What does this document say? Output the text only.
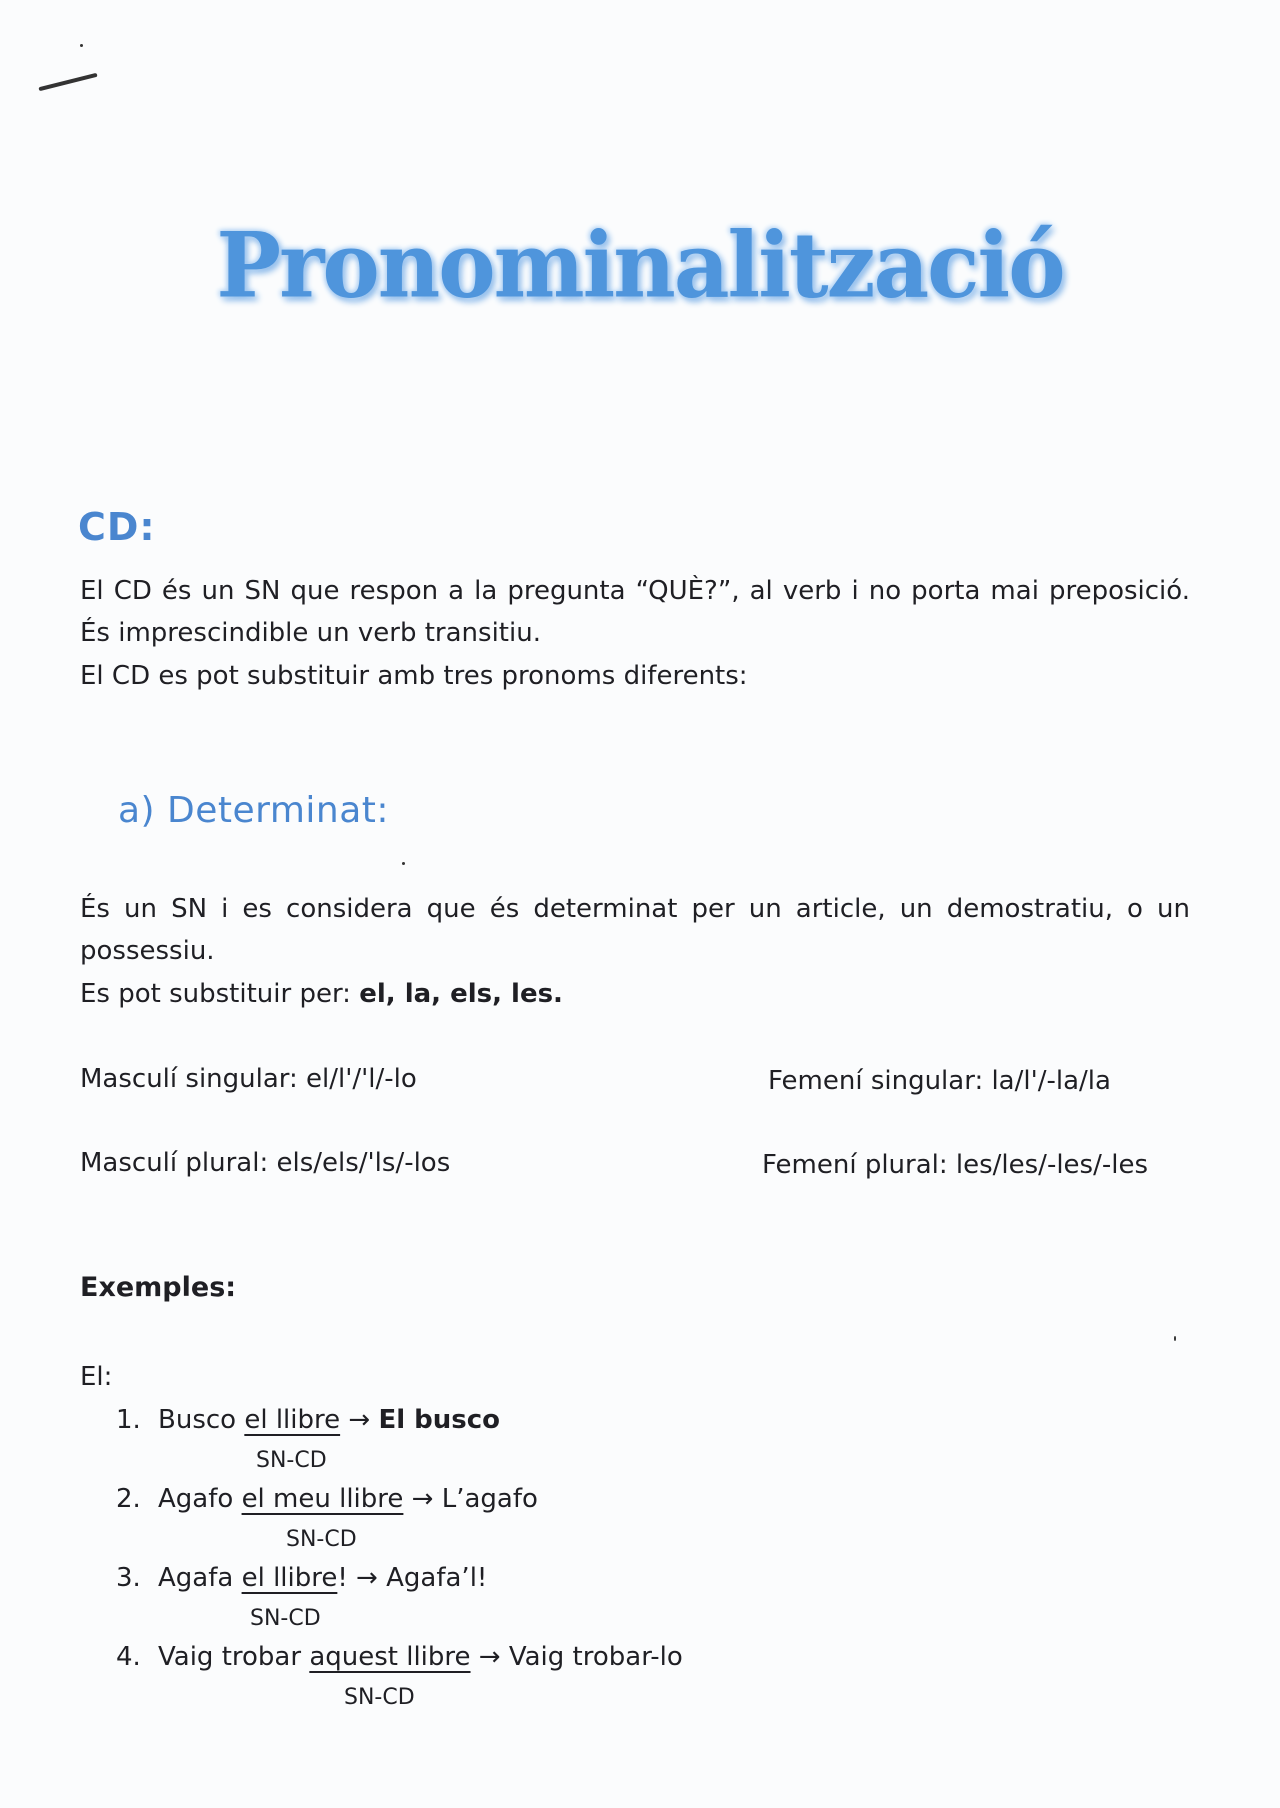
Pronominalització
CD:
El CD és un SN que respon a la pregunta “QUÈ?”, al verb i no porta mai preposició. És imprescindible un verb transitiu.
El CD es pot substituir amb tres pronoms diferents:
a) Determinat:
És un SN i es considera que és determinat per un article, un demostratiu, o un possessiu.
Es pot substituir per: el, la, els, les.
Masculí singular: el/l'/'l/-lo	Femení singular: la/l'/-la/la
Masculí plural: els/els/'ls/-los	Femení plural: les/les/-les/-les
Exemples:
El:
1. Busco el llibre → El busco
SN-CD
2. Agafo el meu llibre → L’agafo
SN-CD
3. Agafa el llibre! → Agafa’l!
SN-CD
4. Vaig trobar aquest llibre → Vaig trobar-lo
SN-CD
